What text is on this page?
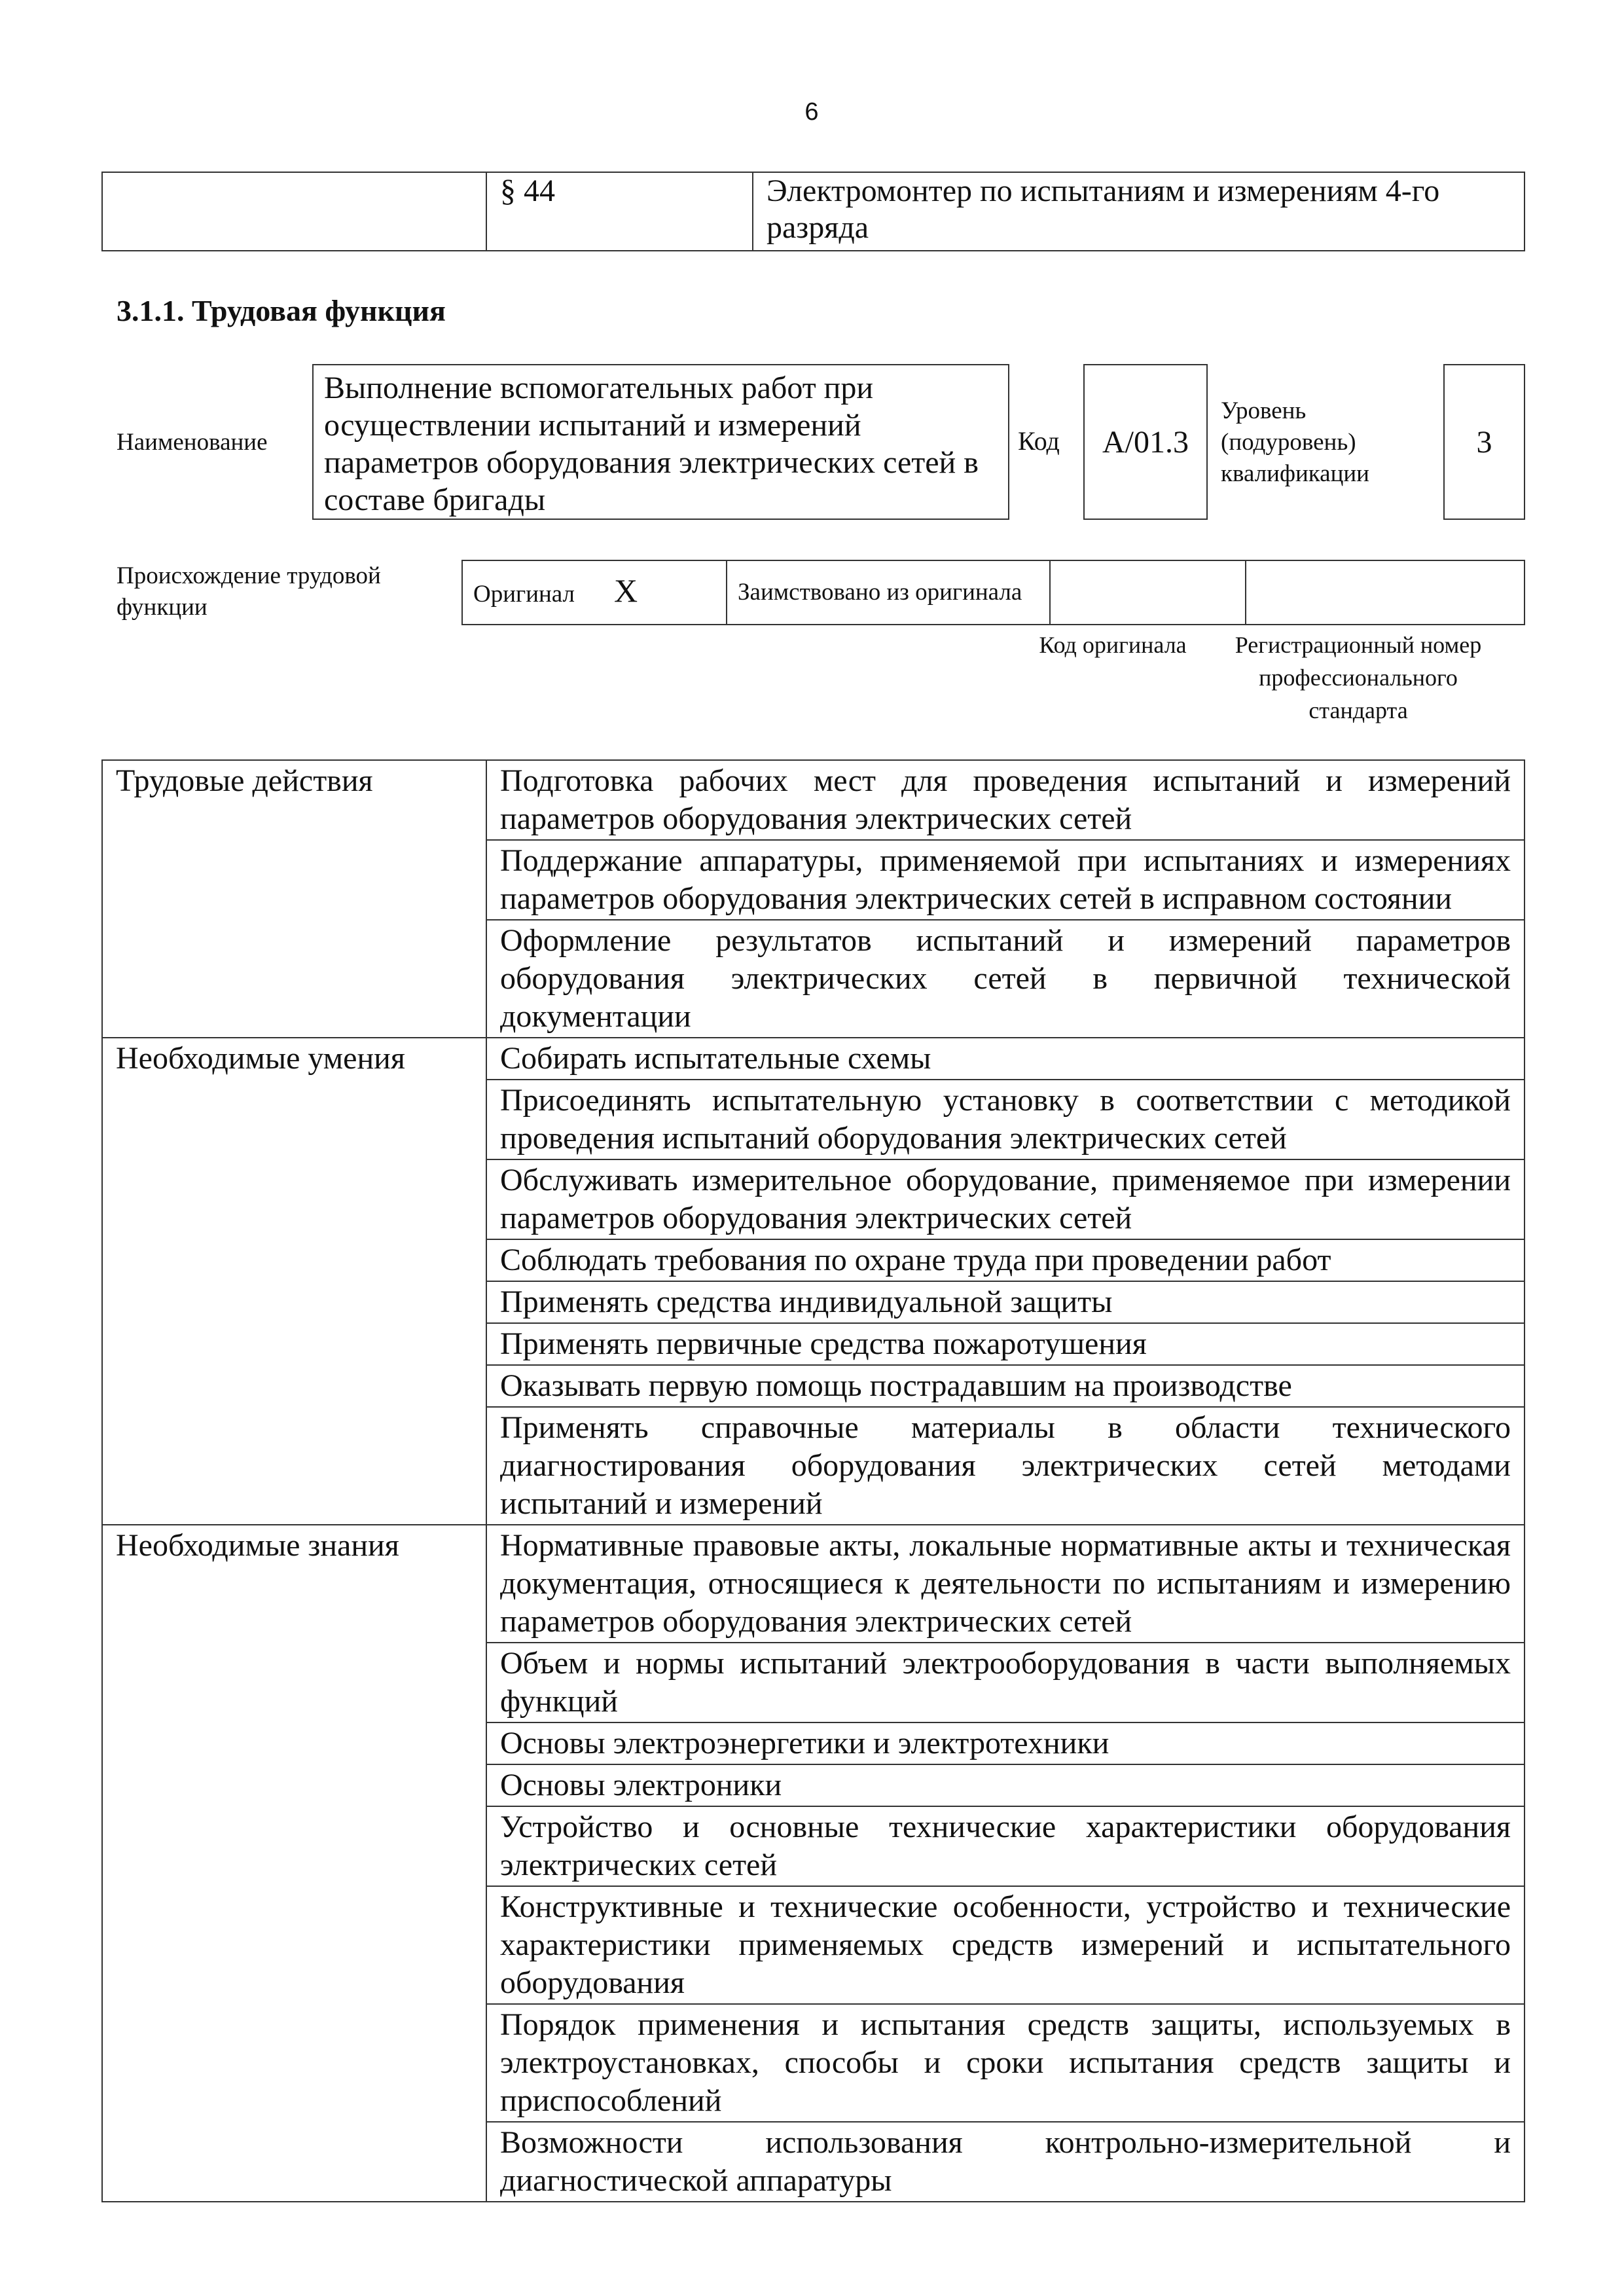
6
	§ 44	Электромонтер по испытаниям и измерениям 4-го разряда
3.1.1. Трудовая функция
Наименование
Выполнение вспомогательных работ при осуществлении испытаний и измерений параметров оборудования электрических сетей в составе бригады
Код А/01.3
Уровень (подуровень) квалификации
3
Происхождение трудовой функции	Оригинал X	Заимствовано из оригинала		
Код оригинала	Регистрационный номер профессионального стандарта
Трудовые действия	Подготовка рабочих мест для проведения испытаний и измерений параметров оборудования электрических сетей
	Поддержание аппаратуры, применяемой при испытаниях и измерениях параметров оборудования электрических сетей в исправном состоянии
	Оформление результатов испытаний и измерений параметров оборудования электрических сетей в первичной технической документации
Необходимые умения	Собирать испытательные схемы
	Присоединять испытательную установку в соответствии с методикой проведения испытаний оборудования электрических сетей
	Обслуживать измерительное оборудование, применяемое при измерении параметров оборудования электрических сетей
	Соблюдать требования по охране труда при проведении работ
	Применять средства индивидуальной защиты
	Применять первичные средства пожаротушения
	Оказывать первую помощь пострадавшим на производстве
	Применять справочные материалы в области технического диагностирования оборудования электрических сетей методами испытаний и измерений
Необходимые знания	Нормативные правовые акты, локальные нормативные акты и техническая документация, относящиеся к деятельности по испытаниям и измерению параметров оборудования электрических сетей
	Объем и нормы испытаний электрооборудования в части выполняемых функций
	Основы электроэнергетики и электротехники
	Основы электроники
	Устройство и основные технические характеристики оборудования электрических сетей
	Конструктивные и технические особенности, устройство и технические характеристики применяемых средств измерений и испытательного оборудования
	Порядок применения и испытания средств защиты, используемых в электроустановках, способы и сроки испытания средств защиты и приспособлений
	Возможности использования контрольно-измерительной и диагностической аппаратуры
